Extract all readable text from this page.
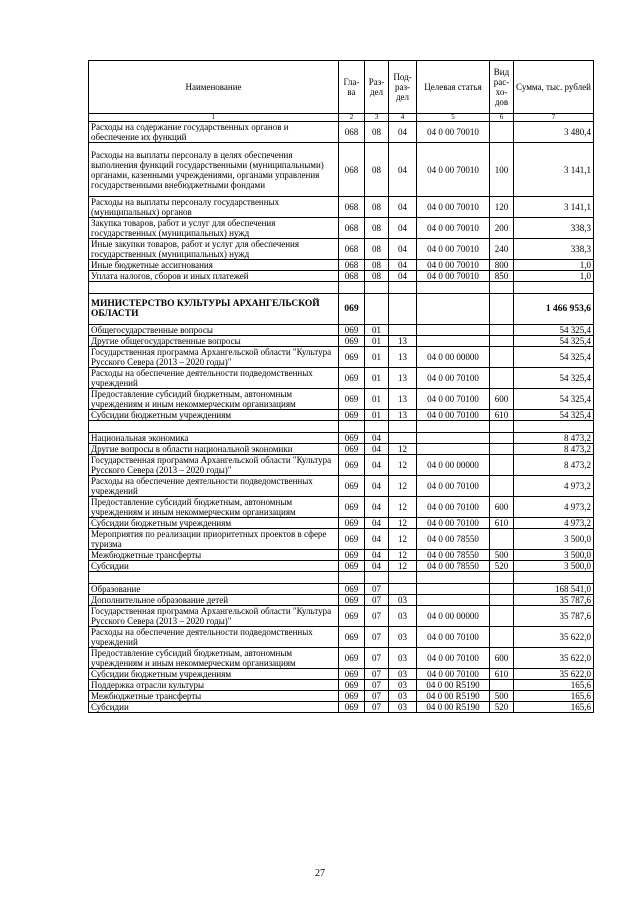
Наименование	Гла-ва	Раз-дел	Под-раз-дел	Целевая статья	Вид рас-хо-дов	Сумма, тыс. рублей
1	2	3	4	5	6	7
Расходы на содержание государственных органов и обеспечение их функций	068	08	04	04 0 00 70010		3 480,4
Расходы на выплаты персоналу в целях обеспечения выполнения функций государственными (муниципальными) органами, казенными учреждениями, органами управления государственными внебюджетными фондами	068	08	04	04 0 00 70010	100	3 141,1
Расходы на выплаты персоналу государственных (муниципальных) органов	068	08	04	04 0 00 70010	120	3 141,1
Закупка товаров, работ и услуг для обеспечения государственных (муниципальных) нужд	068	08	04	04 0 00 70010	200	338,3
Иные закупки товаров, работ и услуг для обеспечения государственных (муниципальных) нужд	068	08	04	04 0 00 70010	240	338,3
Иные бюджетные ассигнования	068	08	04	04 0 00 70010	800	1,0
Уплата налогов, сборов и иных платежей	068	08	04	04 0 00 70010	850	1,0

МИНИСТЕРСТВО КУЛЬТУРЫ АРХАНГЕЛЬСКОЙ ОБЛАСТИ	069					1 466 953,6
Общегосударственные вопросы	069	01				54 325,4
Другие общегосударственные вопросы	069	01	13			54 325,4
Государственная программа Архангельской области "Культура Русского Севера (2013 – 2020 годы)"	069	01	13	04 0 00 00000		54 325,4
Расходы на обеспечение деятельности подведомственных учреждений	069	01	13	04 0 00 70100		54 325,4
Предоставление субсидий бюджетным, автономным учреждениям и иным некоммерческим организациям	069	01	13	04 0 00 70100	600	54 325,4
Субсидии бюджетным учреждениям	069	01	13	04 0 00 70100	610	54 325,4

Национальная экономика	069	04				8 473,2
Другие вопросы в области национальной экономики	069	04	12			8 473,2
Государственная программа Архангельской области "Культура Русского Севера (2013 – 2020 годы)"	069	04	12	04 0 00 00000		8 473,2
Расходы на обеспечение деятельности подведомственных учреждений	069	04	12	04 0 00 70100		4 973,2
Предоставление субсидий бюджетным, автономным учреждениям и иным некоммерческим организациям	069	04	12	04 0 00 70100	600	4 973,2
Субсидии бюджетным учреждениям	069	04	12	04 0 00 70100	610	4 973,2
Мероприятия по реализации приоритетных проектов в сфере туризма	069	04	12	04 0 00 78550		3 500,0
Межбюджетные трансферты	069	04	12	04 0 00 78550	500	3 500,0
Субсидии	069	04	12	04 0 00 78550	520	3 500,0

Образование	069	07				168 541,0
Дополнительное образование детей	069	07	03			35 787,6
Государственная программа Архангельской области "Культура Русского Севера (2013 – 2020 годы)"	069	07	03	04 0 00 00000		35 787,6
Расходы на обеспечение деятельности подведомственных учреждений	069	07	03	04 0 00 70100		35 622,0
Предоставление субсидий бюджетным, автономным учреждениям и иным некоммерческим организациям	069	07	03	04 0 00 70100	600	35 622,0
Субсидии бюджетным учреждениям	069	07	03	04 0 00 70100	610	35 622,0
Поддержка отрасли культуры	069	07	03	04 0 00 R5190		165,6
Межбюджетные трансферты	069	07	03	04 0 00 R5190	500	165,6
Субсидии	069	07	03	04 0 00 R5190	520	165,6
27
